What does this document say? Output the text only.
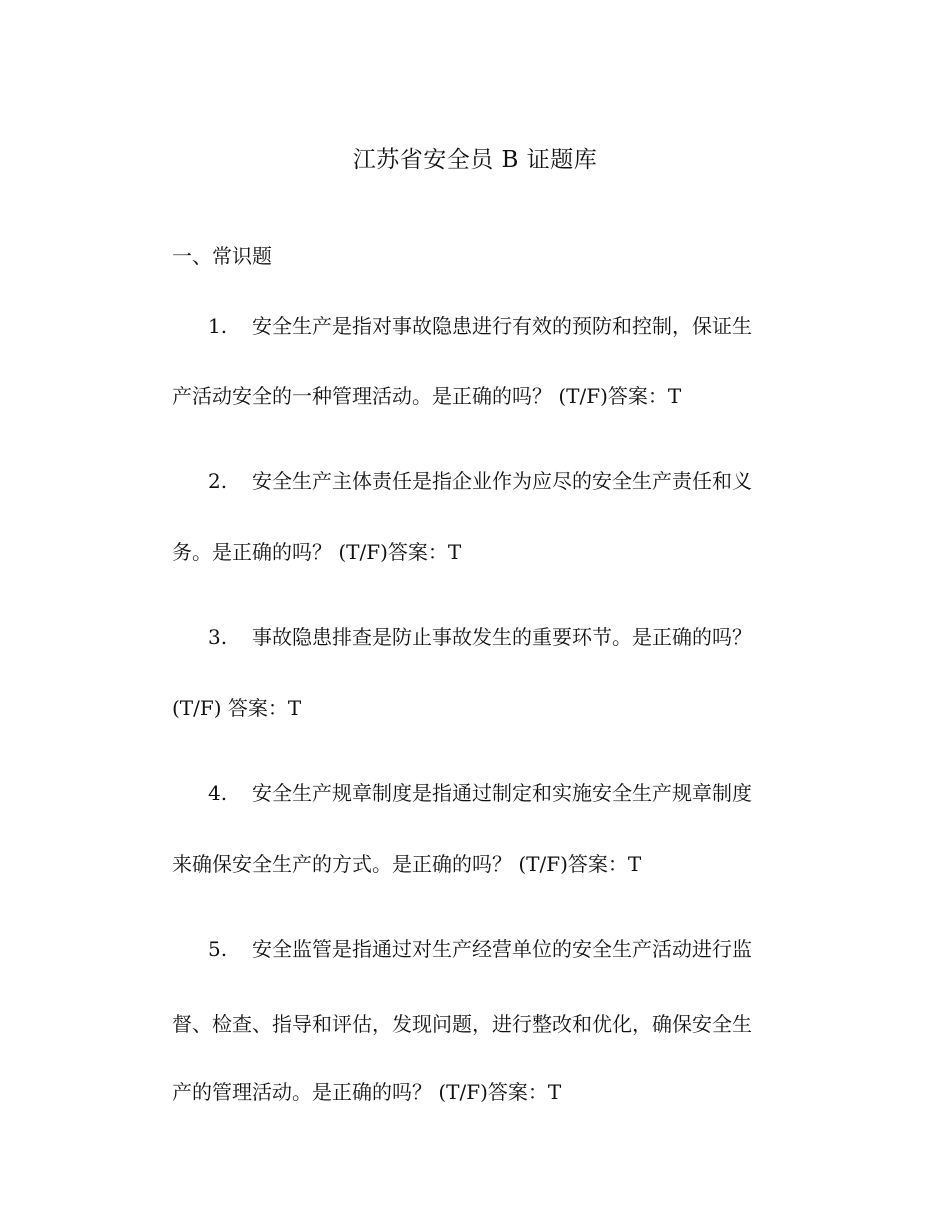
江苏省安全员 B 证题库
一、常识题
1. 安全生产是指对事故隐患进行有效的预防和控制，保证生
产活动安全的一种管理活动。是正确的吗？ (T/F)答案：T
2. 安全生产主体责任是指企业作为应尽的安全生产责任和义
务。是正确的吗？ (T/F)答案：T
3. 事故隐患排查是防止事故发生的重要环节。是正确的吗？
(T/F) 答案：T
4. 安全生产规章制度是指通过制定和实施安全生产规章制度
来确保安全生产的方式。是正确的吗？ (T/F)答案：T
5. 安全监管是指通过对生产经营单位的安全生产活动进行监
督、检查、指导和评估，发现问题，进行整改和优化，确保安全生
产的管理活动。是正确的吗？ (T/F)答案：T
